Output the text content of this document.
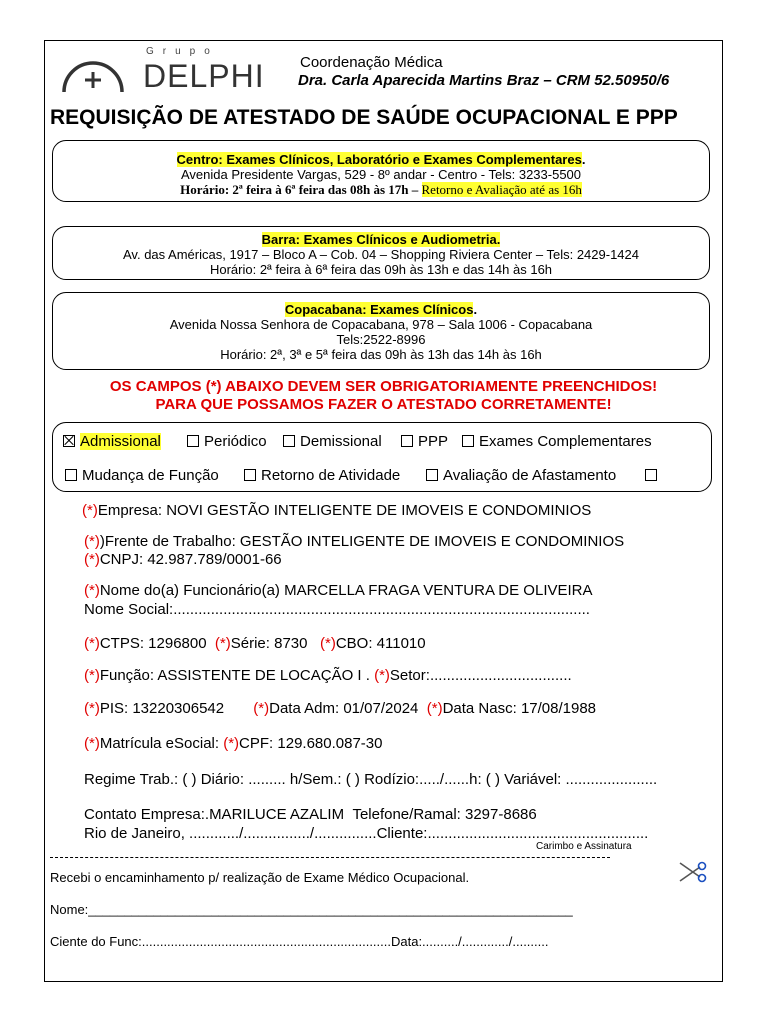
Grupo
DELPHI Coordenação Médica
Dra. Carla Aparecida Martins Braz – CRM 52.50950/6
REQUISIÇÃO DE ATESTADO DE SAÚDE OCUPACIONAL E PPP
Centro: Exames Clínicos, Laboratório e Exames Complementares.
Avenida Presidente Vargas, 529 - 8º andar - Centro - Tels: 3233-5500
Horário: 2ª feira à 6ª feira das 08h às 17h – Retorno e Avaliação até as 16h
Barra: Exames Clínicos e Audiometria.
Av. das Américas, 1917 – Bloco A – Cob. 04 – Shopping Riviera Center – Tels: 2429-1424
Horário: 2ª feira à 6ª feira das 09h às 13h e das 14h às 16h
Copacabana: Exames Clínicos.
Avenida Nossa Senhora de Copacabana, 978 – Sala 1006 - Copacabana
Tels:2522-8996
Horário: 2ª, 3ª e 5ª feira das 09h às 13h das 14h às 16h
OS CAMPOS (*) ABAIXO DEVEM SER OBRIGATORIAMENTE PREENCHIDOS!
PARA QUE POSSAMOS FAZER O ATESTADO CORRETAMENTE!
Admissional	Periódico	Demissional	PPP	Exames Complementares
Mudança de Função	Retorno de Atividade	Avaliação de Afastamento
(*)Empresa: NOVI GESTÃO INTELIGENTE DE IMOVEIS E CONDOMINIOS
(*))Frente de Trabalho: GESTÃO INTELIGENTE DE IMOVEIS E CONDOMINIOS
(*)CNPJ: 42.987.789/0001-66
(*)Nome do(a) Funcionário(a) MARCELLA FRAGA VENTURA DE OLIVEIRA
Nome Social:....................................................................................................
(*)CTPS: 1296800 (*)Série: 8730 (*)CBO: 411010
(*)Função: ASSISTENTE DE LOCAÇÃO I . (*)Setor:..................................
(*)PIS: 13220306542 (*)Data Adm: 01/07/2024 (*)Data Nasc: 17/08/1988
(*)Matrícula eSocial: (*)CPF: 129.680.087-30
Regime Trab.: ( ) Diário: ......... h/Sem.: ( ) Rodízio:...../......h: ( ) Variável: ......................
Contato Empresa:.MARILUCE AZALIM Telefone/Ramal: 3297-8686
Rio de Janeiro, ............/................/...............Cliente:.....................................................
Carimbo e Assinatura
Recebi o encaminhamento p/ realização de Exame Médico Ocupacional.
Nome:___________________________________________________________________
Ciente do Func:.....................................................................Data:........../............./..........
